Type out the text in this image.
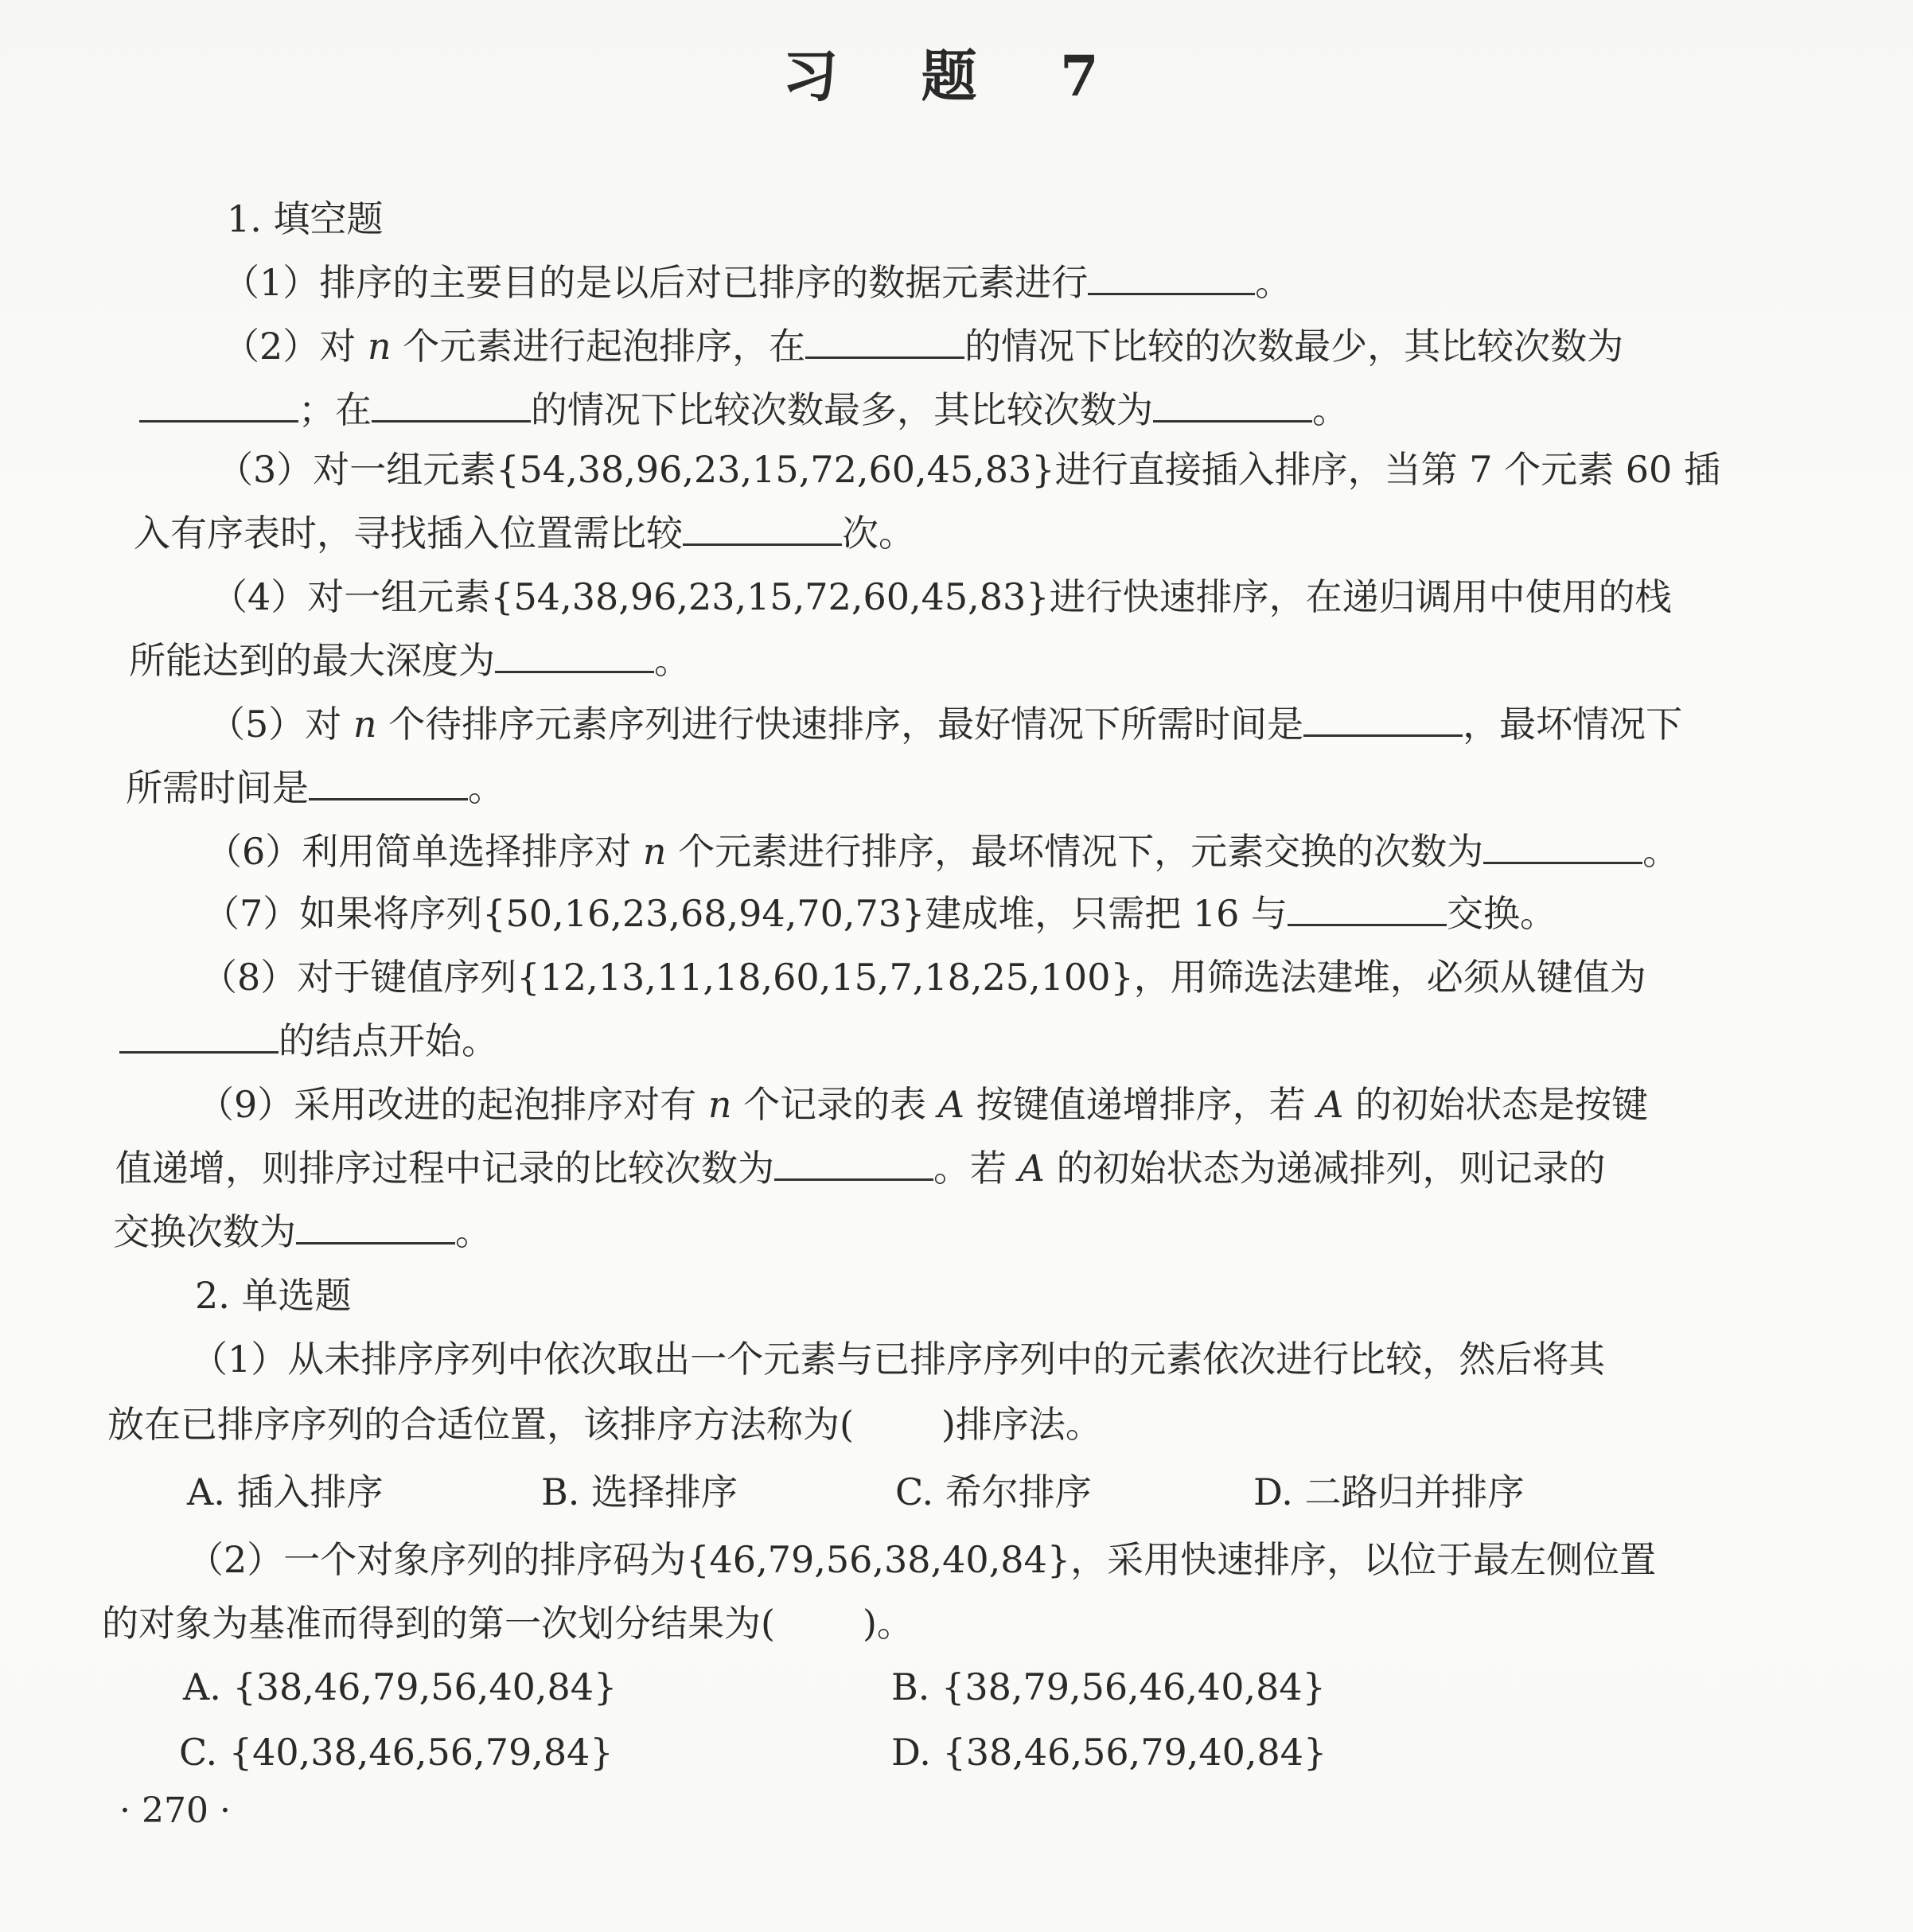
习 题 7
1. 填空题
（1）排序的主要目的是以后对已排序的数据元素进行	。
（2）对 n 个元素进行起泡排序，在	的情况下比较的次数最少，其比较次数为
；在	的情况下比较次数最多，其比较次数为	。
（3）对一组元素{54,38,96,23,15,72,60,45,83}进行直接插入排序，当第 7 个元素 60 插
入有序表时，寻找插入位置需比较	次。
（4）对一组元素{54,38,96,23,15,72,60,45,83}进行快速排序，在递归调用中使用的栈
所能达到的最大深度为	。
（5）对 n 个待排序元素序列进行快速排序，最好情况下所需时间是	，最坏情况下
所需时间是	。
（6）利用简单选择排序对 n 个元素进行排序，最坏情况下，元素交换的次数为	。
（7）如果将序列{50,16,23,68,94,70,73}建成堆，只需把 16 与	交换。
（8）对于键值序列{12,13,11,18,60,15,7,18,25,100}，用筛选法建堆，必须从键值为
的结点开始。
（9）采用改进的起泡排序对有 n 个记录的表 A 按键值递增排序，若 A 的初始状态是按键
值递增，则排序过程中记录的比较次数为	。若 A 的初始状态为递减排列，则记录的
交换次数为	。
2. 单选题
（1）从未排序序列中依次取出一个元素与已排序序列中的元素依次进行比较，然后将其
放在已排序序列的合适位置，该排序方法称为( )排序法。
A. 插入排序	B. 选择排序	C. 希尔排序	D. 二路归并排序
（2）一个对象序列的排序码为{46,79,56,38,40,84}，采用快速排序，以位于最左侧位置
的对象为基准而得到的第一次划分结果为( )。
A. {38,46,79,56,40,84}	B. {38,79,56,46,40,84}
C. {40,38,46,56,79,84}	D. {38,46,56,79,40,84}
· 270 ·
